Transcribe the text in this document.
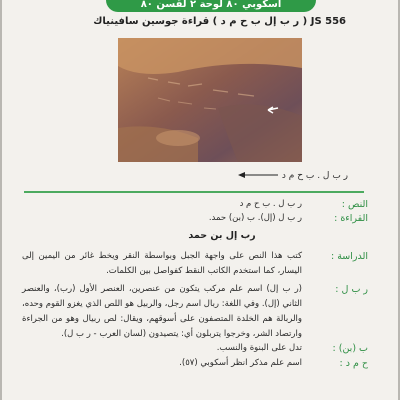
أسكوبي ٨٠ لوحة ٢ لقسن ٨٠
JS 556 ( ر ب إل ب ح م د ) قراءة جوسين سافينياك
ر ب ل . ب ح م د
النص :
ر ب ل . ب ح م د
القراءة :
ر ب ل (إل). ب (بن) حمد.
رب إل بن حمد
الدراسة :
كتب هذا النص على واجهة الجبل وبواسطة النقر ويخط غائر من اليمين إلى اليسار، كما استخدم الكاتب النقط كفواصل بين الكلمات.
ر ب ل :
(ر ب إل) اسم علم مركب يتكون من عنصرين، العنصر الأول (رب)، والعنصر الثاني (إل). وفي اللغة: ربال اسم رجل، والربيل هو اللص الذي يغزو القوم وحده، والربالة هم الخلدة المتصفون على أسوقهم، ويقال: لص ربيال وهو من الجراءة وارتصاد الشر، وخرجوا يتربلون أي: يتصيدون (لسان العرب - ر ب ل).
ب (بن) :
تدل على البنوة والنسب.
ح م د :
اسم علم مذكر انظر أسكوبي (٥٧).
